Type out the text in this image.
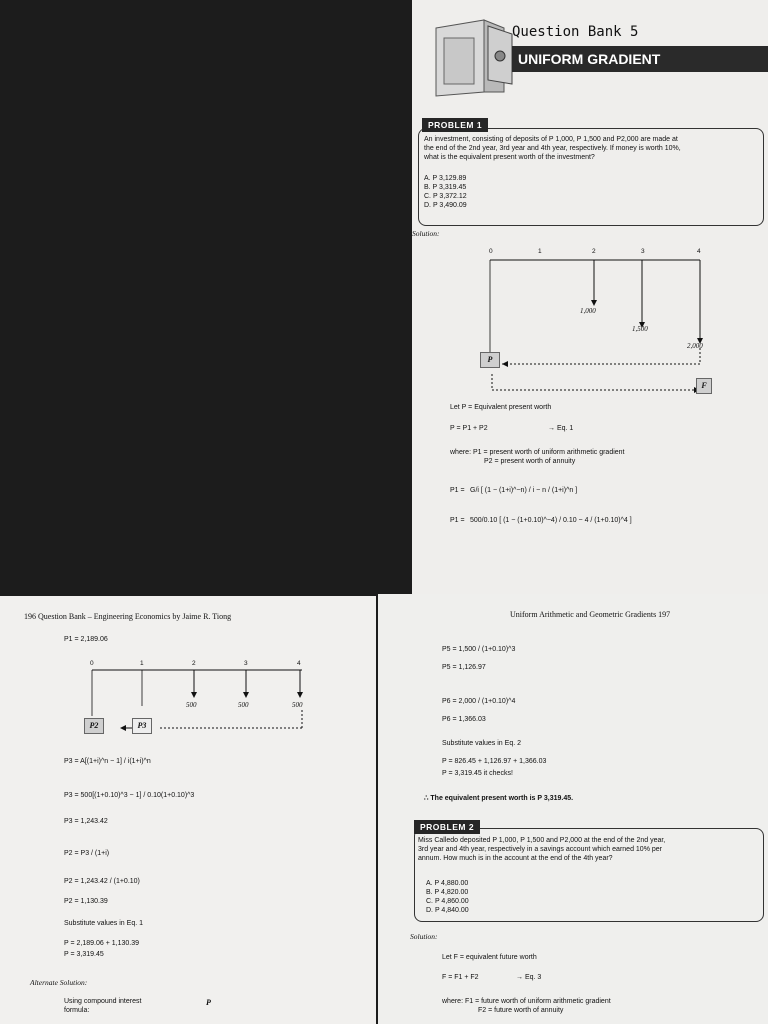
Question Bank 5
UNIFORM GRADIENT
PROBLEM 1
An investment, consisting of deposits of P 1,000, P 1,500 and P2,000 are made at
the end of the 2nd year, 3rd year and 4th year, respectively. If money is worth 10%,
what is the equivalent present worth of the investment?
A. P 3,129.89
B. P 3,319.45
C. P 3,372.12
D. P 3,490.09
Solution:
0	1	2	3	4
1,000
1,500
2,000
P
F
Let P = Equivalent present worth
P = P1 + P2	→ Eq. 1
where: P1 = present worth of uniform arithmetic gradient
P2 = present worth of annuity
P1 = G/i [ (1 − (1+i)^−n) / i − n / (1+i)^n ]
P1 = 500/0.10 [ (1 − (1+0.10)^−4) / 0.10 − 4 / (1+0.10)^4 ]
196 Question Bank – Engineering Economics by Jaime R. Tiong
P1 = 2,189.06
0	1	2	3	4
500	500	500
P2	P3
P3 = A[(1+i)^n − 1] / i(1+i)^n
P3 = 500[(1+0.10)^3 − 1] / 0.10(1+0.10)^3
P3 = 1,243.42
P2 = P3 / (1+i)
P2 = 1,243.42 / (1+0.10)
P2 = 1,130.39
Substitute values in Eq. 1
P = 2,189.06 + 1,130.39
P = 3,319.45
Alternate Solution:
Using compound interest
formula:
P
Uniform Arithmetic and Geometric Gradients 197
P5 = 1,500 / (1+0.10)^3
P5 = 1,126.97
P6 = 2,000 / (1+0.10)^4
P6 = 1,366.03
Substitute values in Eq. 2
P = 826.45 + 1,126.97 + 1,366.03
P = 3,319.45 it checks!
∴ The equivalent present worth is P 3,319.45.
PROBLEM 2
Miss Calledo deposited P 1,000, P 1,500 and P2,000 at the end of the 2nd year,
3rd year and 4th year, respectively in a savings account which earned 10% per
annum. How much is in the account at the end of the 4th year?
A. P 4,880.00
B. P 4,820.00
C. P 4,860.00
D. P 4,840.00
Solution:
Let F = equivalent future worth
F = F1 + F2	→ Eq. 3
where: F1 = future worth of uniform arithmetic gradient
F2 = future worth of annuity
